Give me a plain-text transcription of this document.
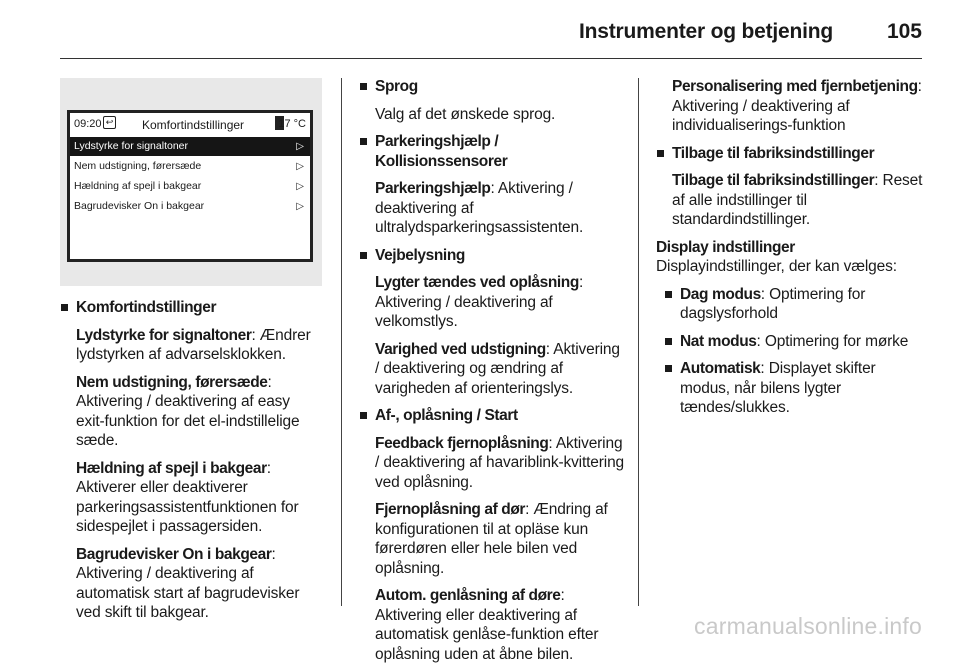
Instrumenter og betjening	105
09:20 ↩ Komfortindstillinger	17 °C
Lydstyrke for signaltoner	▷
Nem udstigning, førersæde	▷
Hældning af spejl i bakgear	▷
Bagrudevisker On i bakgear	▷
Komfortindstillinger

Lydstyrke for signaltoner: Ændrer lydstyrken af advarselsklokken.

Nem udstigning, førersæde: Aktivering / deaktivering af easy exit-funktion for det el-indstillelige sæde.

Hældning af spejl i bakgear: Aktiverer eller deaktiverer parkeringsassistentfunktionen for sidespejlet i passagersiden.

Bagrudevisker On i bakgear: Aktivering / deaktivering af automatisk start af bagrudevisker ved skift til bakgear.

Sprog

Valg af det ønskede sprog.

Parkeringshjælp / Kollisionssensorer

Parkeringshjælp: Aktivering / deaktivering af ultralydsparkeringsassistenten.

Vejbelysning

Lygter tændes ved oplåsning: Aktivering / deaktivering af velkomstlys.

Varighed ved udstigning: Aktivering / deaktivering og ændring af varigheden af orienteringslys.

Af-, oplåsning / Start

Feedback fjernoplåsning: Aktivering / deaktivering af havariblink-kvittering ved oplåsning.

Fjernoplåsning af dør: Ændring af konfigurationen til at opläse kun førerdøren eller hele bilen ved oplåsning.

Autom. genlåsning af døre: Aktivering eller deaktivering af automatisk genlåse-funktion efter oplåsning uden at åbne bilen.

Personalisering med fjernbetjening: Aktivering / deaktivering af individualiserings-funktion

Tilbage til fabriksindstillinger

Tilbage til fabriksindstillinger: Reset af alle indstillinger til standardindstillinger.

Display indstillinger

Displayindstillinger, der kan vælges:

Dag modus: Optimering for dagslysforhold
Nat modus: Optimering for mørke
Automatisk: Displayet skifter modus, når bilens lygter tændes/slukkes.
carmanualsonline.info
